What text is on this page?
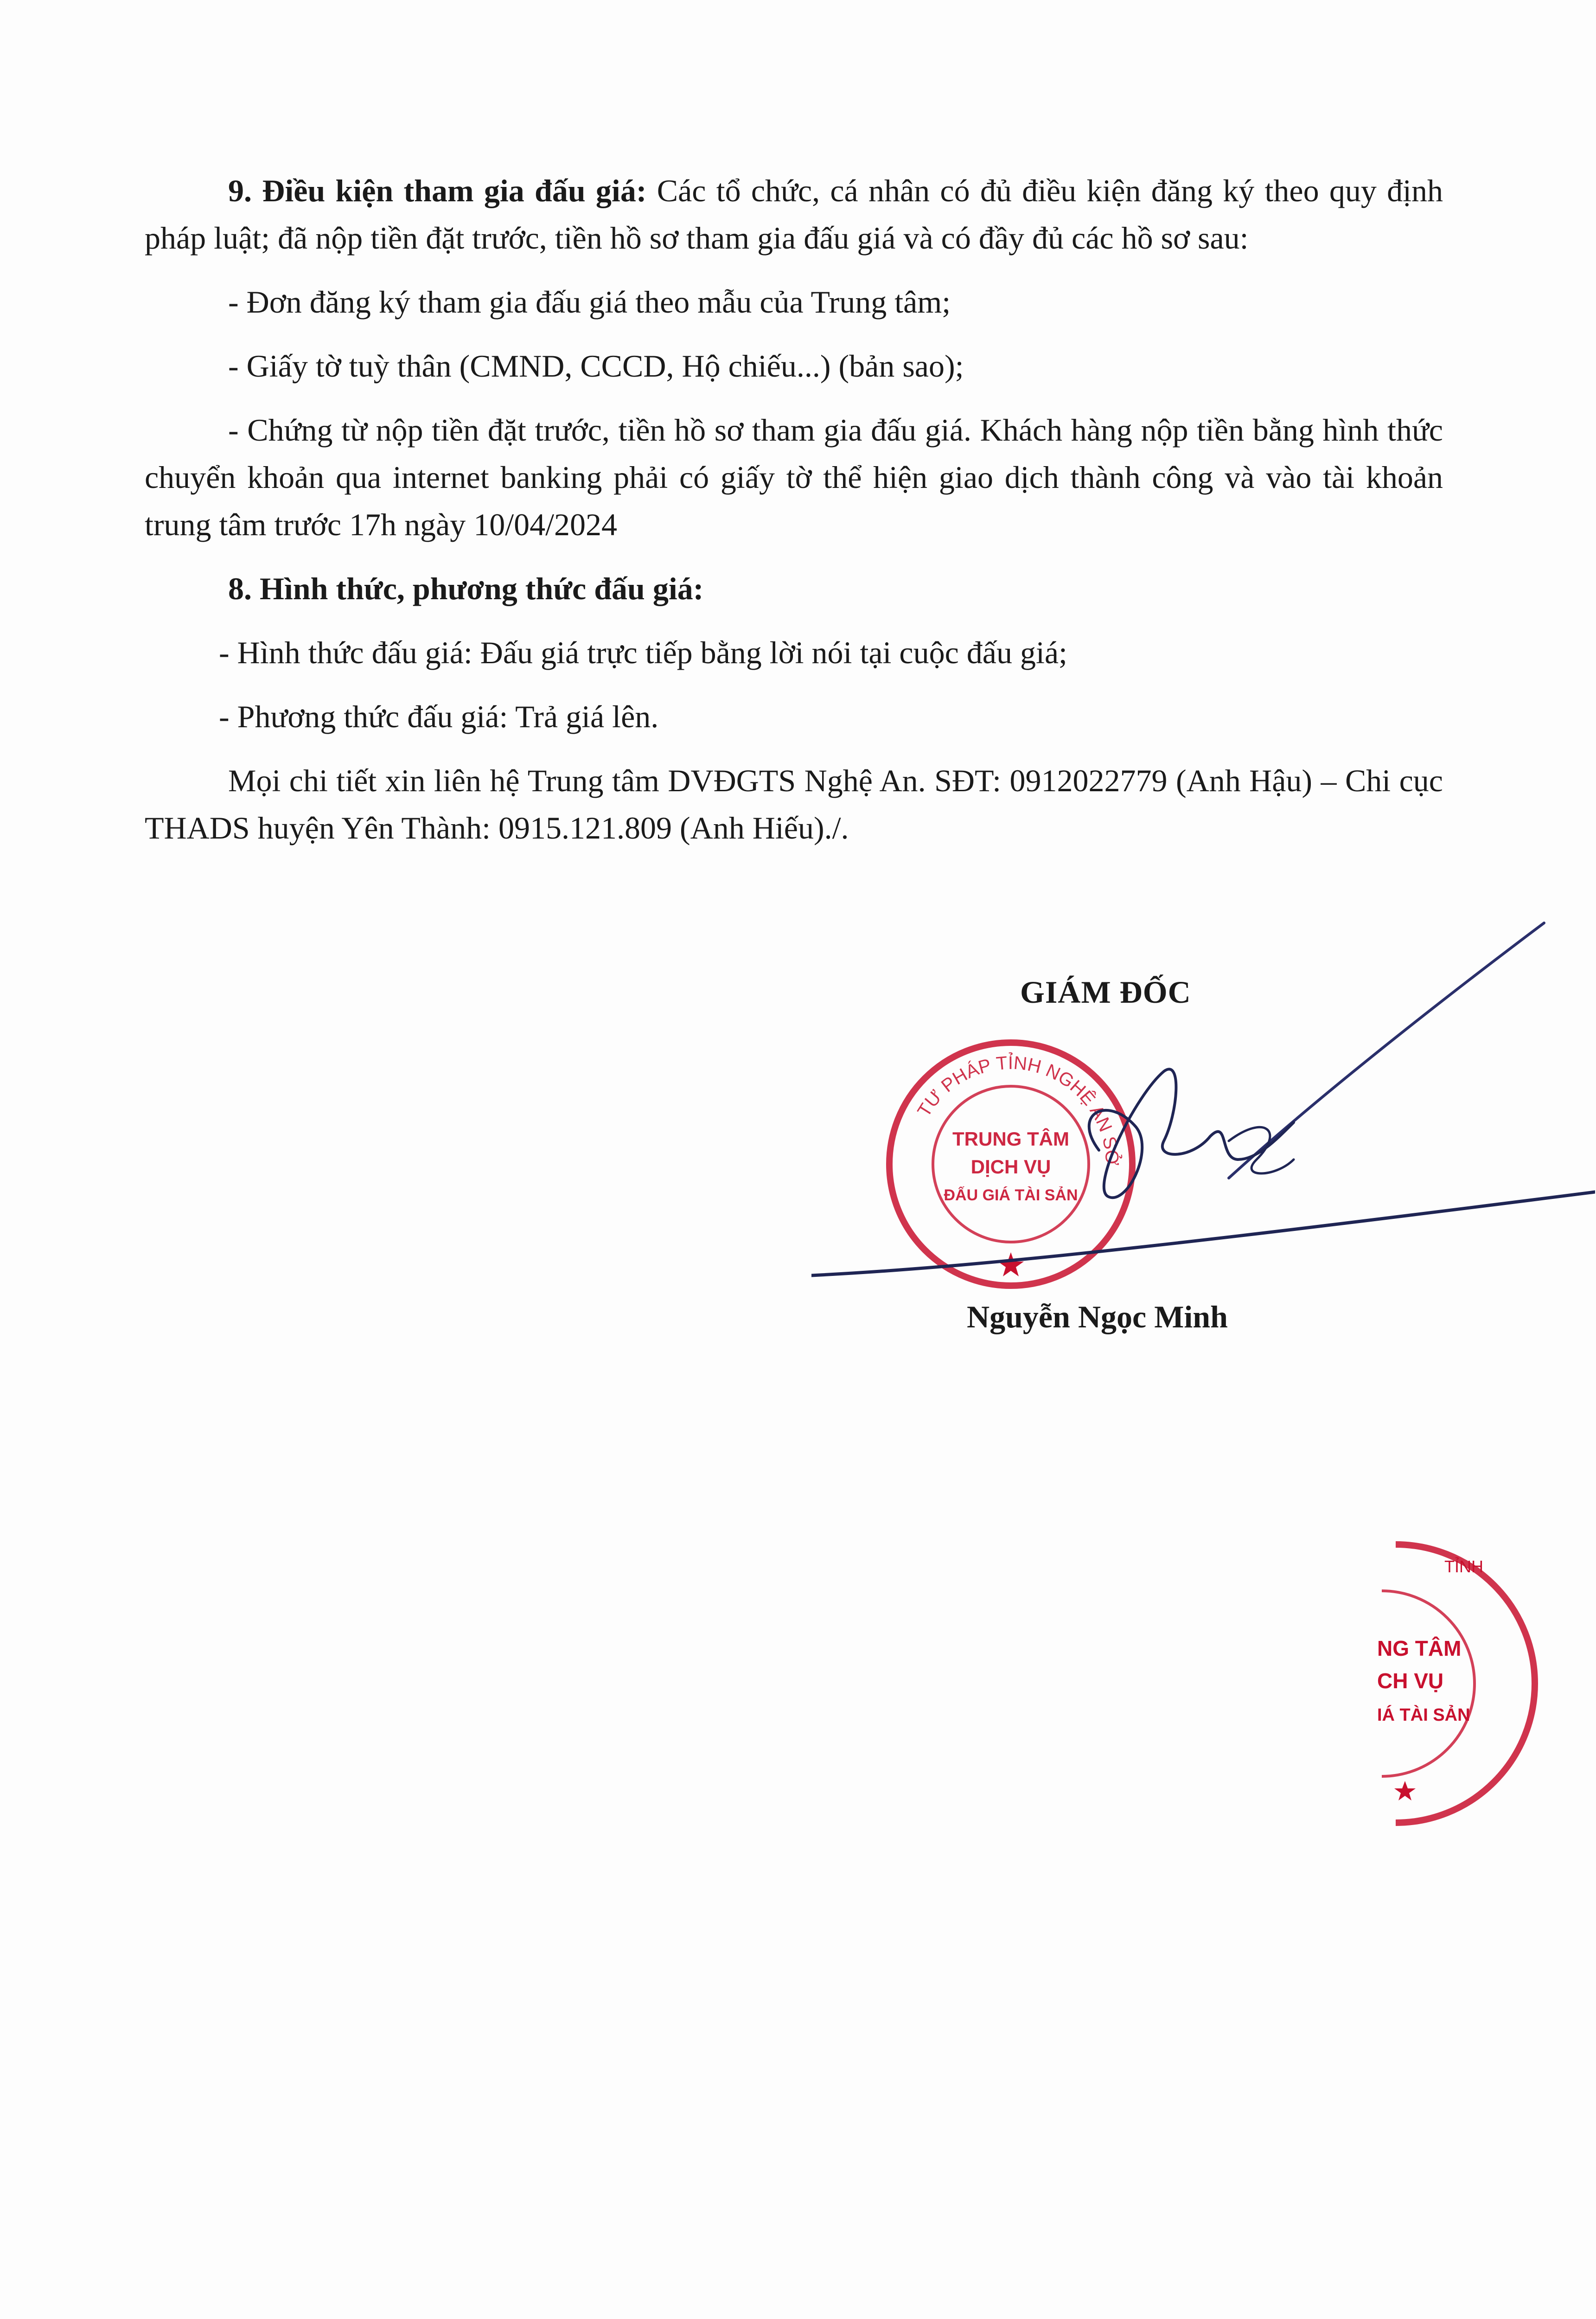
9. Điều kiện tham gia đấu giá: Các tổ chức, cá nhân có đủ điều kiện đăng ký theo quy định pháp luật; đã nộp tiền đặt trước, tiền hồ sơ tham gia đấu giá và có đầy đủ các hồ sơ sau:

- Đơn đăng ký tham gia đấu giá theo mẫu của Trung tâm;

- Giấy tờ tuỳ thân (CMND, CCCD, Hộ chiếu...) (bản sao);

- Chứng từ nộp tiền đặt trước, tiền hồ sơ tham gia đấu giá. Khách hàng nộp tiền bằng hình thức chuyển khoản qua internet banking phải có giấy tờ thể hiện giao dịch thành công và vào tài khoản trung tâm trước 17h ngày 10/04/2024

8. Hình thức, phương thức đấu giá:

- Hình thức đấu giá: Đấu giá trực tiếp bằng lời nói tại cuộc đấu giá;

- Phương thức đấu giá: Trả giá lên.

Mọi chi tiết xin liên hệ Trung tâm DVĐGTS Nghệ An. SĐT: 0912022779 (Anh Hậu) – Chi cục THADS huyện Yên Thành: 0915.121.809 (Anh Hiếu)./.

GIÁM ĐỐC
TƯ PHÁP TỈNH NGHỆ AN SỞ
TRUNG TÂM
DỊCH VỤ
ĐẤU GIÁ TÀI SẢN
Nguyễn Ngọc Minh
TỈNH
NG TÂM
CH VỤ
IÁ TÀI SẢN
